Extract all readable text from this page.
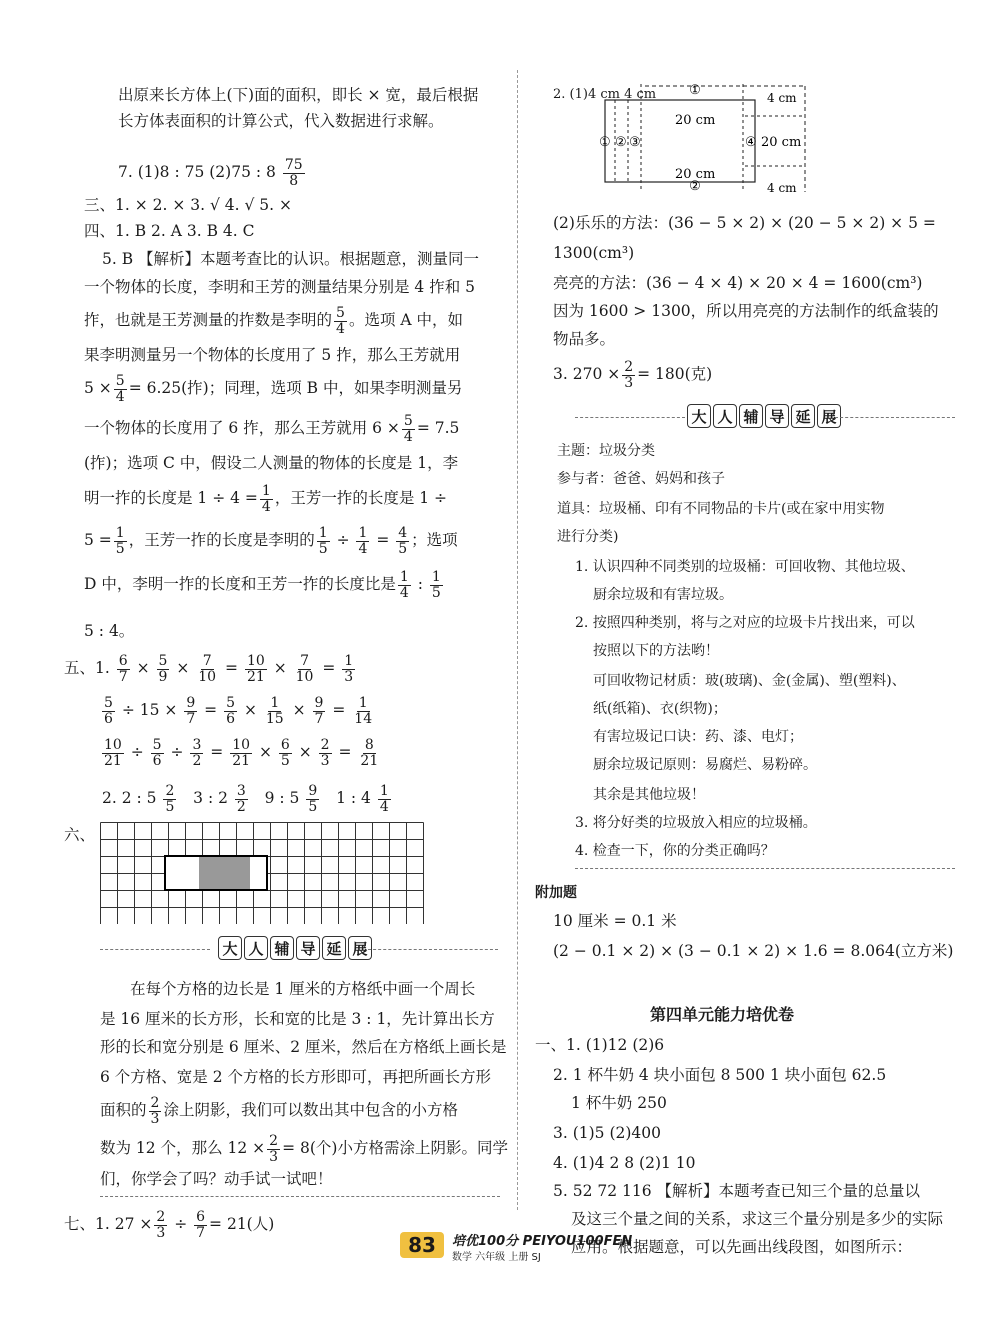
出原来长方体上(下)面的面积，即长 × 宽，最后根据
长方体表面积的计算公式，代入数据进行求解。
7. (1)8 : 75 (2)75 : $8 \frac{75}{8}$
三、1. × 2. × 3. √ 4. √ 5. ×
四、1. B 2. A 3. B 4. C
5. B 【解析】本题考查比的认识。根据题意，测量同一
一个物体的长度，李明和王芳的测量结果分别是 4 拃和 5
拃，也就是王芳测量的拃数是李明的 $\frac{5}{4}$ 。选项 A 中，如
果李明测量另一个物体的长度用了 5 拃，那么王芳就用
$5 \times \frac{5}{4} = 6.25$(拃)；同理，选项 B 中，如果李明测量另
一个物体的长度用了 6 拃，那么王芳就用 $6 \times \frac{5}{4} = 7.5$
(拃)；选项 C 中，假设二人测量的物体的长度是 1，李
明一拃的长度是 $1 \div 4 = \frac{1}{4}$ ，王芳一拃的长度是 1 ÷
$5 = \frac{1}{5}$ ，王芳一拃的长度是李明的 $\frac{1}{5} \div \frac{1}{4} = \frac{4}{5}$ ；选项
D 中，李明一拃的长度和王芳一拃的长度比是 $\frac{1}{4}$ : $\frac{1}{5}$
5 : 4。
五、1. $\frac{6}{7} \times \frac{5}{9} \times \frac{7}{10} = \frac{10}{21} \times \frac{7}{10} = \frac{1}{3}$
$\frac{5}{6} \div 15 \times \frac{9}{7} = \frac{5}{6} \times \frac{1}{15} \times \frac{9}{7} = \frac{1}{14}$
$\frac{10}{21} \div \frac{5}{6} \div \frac{3}{2} = \frac{10}{21} \times \frac{6}{5} \times \frac{2}{3} = \frac{8}{21}$
2. 2 : $5 \frac{2}{5} 3$ : $2 \frac{3}{2} 9$ : $5 \frac{9}{5} 1$ : $4 \frac{1}{4}$
六、
大 人 辅 导 延 展
在每个方格的边长是 1 厘米的方格纸中画一个周长
是 16 厘米的长方形，长和宽的比是 3 : 1，先计算出长方
形的长和宽分别是 6 厘米、2 厘米，然后在方格纸上画长是
6 个方格、宽是 2 个方格的长方形即可，再把所画长方形
面积的 $\frac{2}{3}$ 涂上阴影，我们可以数出其中包含的小方格
数为 12 个，那么 $12 \times \frac{2}{3} = 8$(个)小方格需涂上阴影。同学
们，你学会了吗？动手试一试吧！
七、1. $27 \times \frac{2}{3} \div \frac{6}{7} = 21$(人)
2. (1)4 cm 4 cm	①
① ② ③	④
②
20 cm
20 cm
20 cm
4 cm
4 cm
(2)乐乐的方法：(36 − 5 × 2) × (20 − 5 × 2) × 5 =
1300(cm³)
亮亮的方法：(36 − 4 × 4) × 20 × 4 = 1600(cm³)
因为 1600 > 1300，所以用亮亮的方法制作的纸盒装的
物品多。
3. $270 \times \frac{2}{3} = 180$(克)
大 人 辅 导 延 展
主题：垃圾分类
参与者：爸爸、妈妈和孩子
道具：垃圾桶、印有不同物品的卡片(或在家中用实物
进行分类)
1. 认识四种不同类别的垃圾桶：可回收物、其他垃圾、
厨余垃圾和有害垃圾。
2. 按照四种类别，将与之对应的垃圾卡片找出来，可以
按照以下的方法哟！
可回收物记材质：玻(玻璃)、金(金属)、塑(塑料)、
纸(纸箱)、衣(织物)；
有害垃圾记口诀：药、漆、电灯；
厨余垃圾记原则：易腐烂、易粉碎。
其余是其他垃圾！
3. 将分好类的垃圾放入相应的垃圾桶。
4. 检查一下，你的分类正确吗？
附加题
10 厘米 = 0.1 米
(2 − 0.1 × 2) × (3 − 0.1 × 2) × 1.6 = 8.064(立方米)
第四单元能力培优卷
一、1. (1)12 (2)6
2. 1 杯牛奶 4 块小面包 8 500 1 块小面包 62.5
1 杯牛奶 250
3. (1)5 (2)400
4. (1)4 2 8 (2)1 10
5. 52 72 116 【解析】本题考查已知三个量的总量以
及这三个量之间的关系，求这三个量分别是多少的实际
应用。根据题意，可以先画出线段图，如图所示：
83	培优100分 PEIYOU100FEN
数学 六年级 上册 SJ
